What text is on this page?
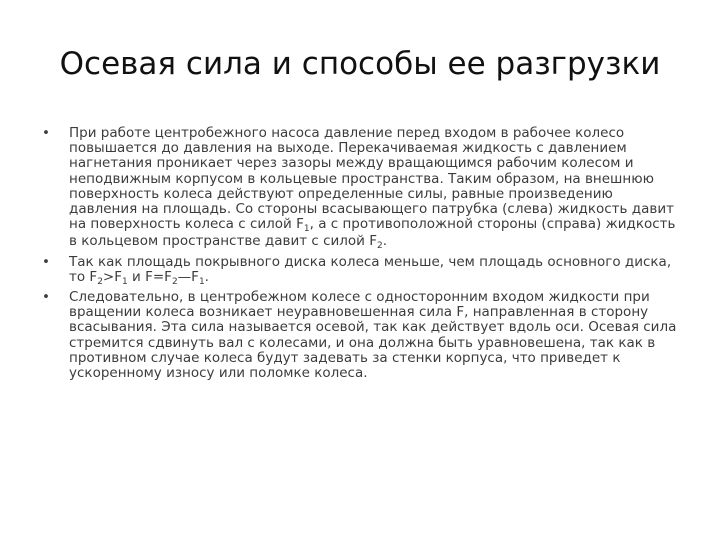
Осевая сила и способы ее разгрузки
• При работе центробежного насоса давление перед входом в рабочее колесо повышается до давления на выходе. Перекачиваемая жидкость с давлением нагнетания проникает через зазоры между вращающимся рабочим колесом и неподвижным корпусом в кольцевые пространства. Таким образом, на внешнюю поверхность колеса действуют определенные силы, равные произведению давления на площадь. Со стороны всасывающего патрубка (слева) жидкость давит на поверхность колеса с силой $F_1$, а с противоположной стороны (справа) жидкость в кольцевом пространстве давит с силой $F_2$.
• Так как площадь покрывного диска колеса меньше, чем площадь основного диска, то $F_2>F_1$ и $F=F_2—F_1$.
• Следовательно, в центробежном колесе с односторонним входом жидкости при вращении колеса возникает неуравновешенная сила F, направленная в сторону всасывания. Эта сила называется осевой, так как действует вдоль оси. Осевая сила стремится сдвинуть вал с колесами, и она должна быть уравновешена, так как в противном случае колеса будут задевать за стенки корпуса, что приведет к ускоренному износу или поломке колеса.
